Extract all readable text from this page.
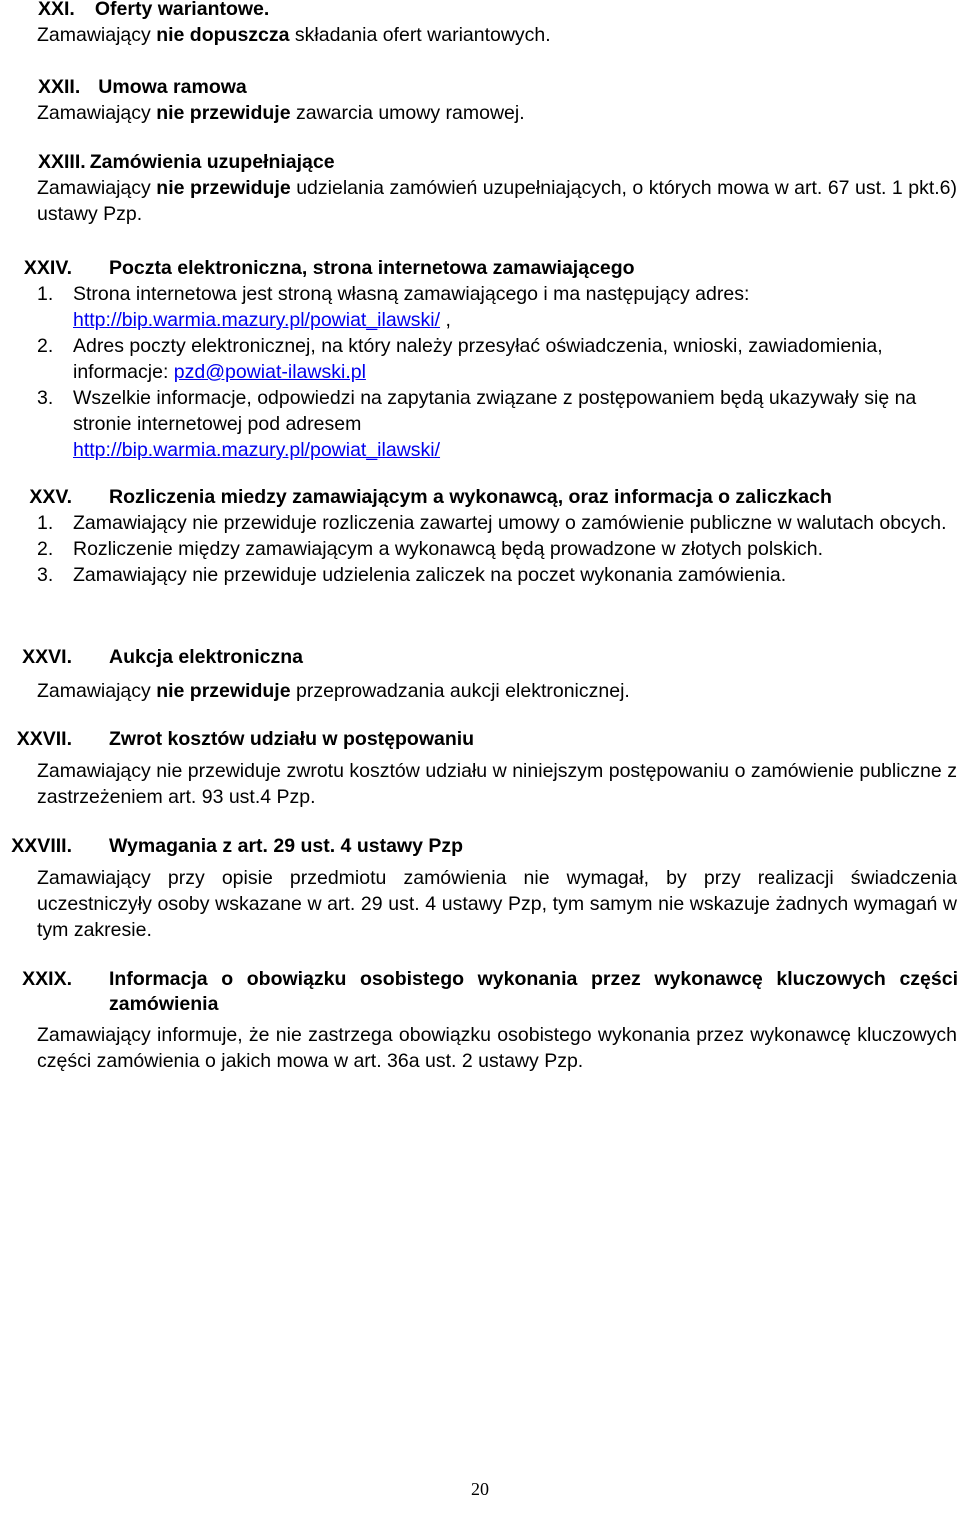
XXI.	Oferty wariantowe.
Zamawiający nie dopuszcza składania ofert wariantowych.
XXII. Umowa ramowa
Zamawiający nie przewiduje zawarcia umowy ramowej.
XXIII. Zamówienia uzupełniające
Zamawiający nie przewiduje udzielania zamówień uzupełniających, o których mowa w art. 67 ust. 1 pkt.6) ustawy Pzp.
XXIV.	Poczta elektroniczna, strona internetowa zamawiającego
1.	Strona internetowa jest stroną własną zamawiającego i ma następujący adres:
http://bip.warmia.mazury.pl/powiat_ilawski/ ,
2.	Adres poczty elektronicznej, na który należy przesyłać oświadczenia, wnioski, zawiadomienia, informacje: pzd@powiat-ilawski.pl
3.	Wszelkie informacje, odpowiedzi na zapytania związane z postępowaniem będą ukazywały się na stronie internetowej pod adresem
http://bip.warmia.mazury.pl/powiat_ilawski/
XXV.	Rozliczenia miedzy zamawiającym a wykonawcą, oraz informacja o zaliczkach
1.	Zamawiający nie przewiduje rozliczenia zawartej umowy o zamówienie publiczne w walutach obcych.
2.	Rozliczenie między zamawiającym a wykonawcą będą prowadzone w złotych polskich.
3.	Zamawiający nie przewiduje udzielenia zaliczek na poczet wykonania zamówienia.
XXVI.	Aukcja elektroniczna
Zamawiający nie przewiduje przeprowadzania aukcji elektronicznej.
XXVII.	Zwrot kosztów udziału w postępowaniu
Zamawiający nie przewiduje zwrotu kosztów udziału w niniejszym postępowaniu o zamówienie publiczne z zastrzeżeniem art. 93 ust.4 Pzp.
XXVIII.	Wymagania z art. 29 ust. 4 ustawy Pzp
Zamawiający przy opisie przedmiotu zamówienia nie wymagał, by przy realizacji świadczenia uczestniczyły osoby wskazane w art. 29 ust. 4 ustawy Pzp, tym samym nie wskazuje żadnych wymagań w tym zakresie.
XXIX.	Informacja o obowiązku osobistego wykonania przez wykonawcę kluczowych części zamówienia
Zamawiający informuje, że nie zastrzega obowiązku osobistego wykonania przez wykonawcę kluczowych części zamówienia o jakich mowa w art. 36a ust. 2 ustawy Pzp.
20
